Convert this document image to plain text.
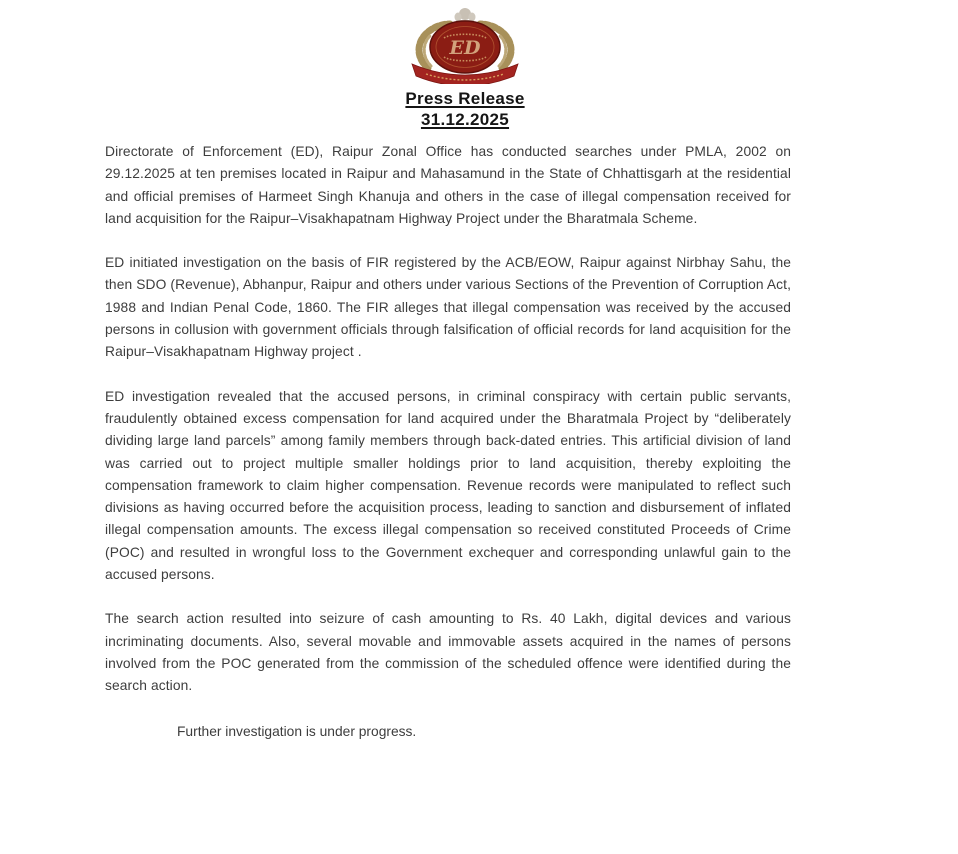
ED
Press Release
31.12.2025

Directorate of Enforcement (ED), Raipur Zonal Office has conducted searches under PMLA, 2002 on 29.12.2025 at ten premises located in Raipur and Mahasamund in the State of Chhattisgarh at the residential and official premises of Harmeet Singh Khanuja and others in the case of illegal compensation received for land acquisition for the Raipur–Visakhapatnam Highway Project under the Bharatmala Scheme.

ED initiated investigation on the basis of FIR registered by the ACB/EOW, Raipur against Nirbhay Sahu, the then SDO (Revenue), Abhanpur, Raipur and others under various Sections of the Prevention of Corruption Act, 1988 and Indian Penal Code, 1860. The FIR alleges that illegal compensation was received by the accused persons in collusion with government officials through falsification of official records for land acquisition for the Raipur–Visakhapatnam Highway project .

ED investigation revealed that the accused persons, in criminal conspiracy with certain public servants, fraudulently obtained excess compensation for land acquired under the Bharatmala Project by “deliberately dividing large land parcels” among family members through back-dated entries. This artificial division of land was carried out to project multiple smaller holdings prior to land acquisition, thereby exploiting the compensation framework to claim higher compensation. Revenue records were manipulated to reflect such divisions as having occurred before the acquisition process, leading to sanction and disbursement of inflated illegal compensation amounts. The excess illegal compensation so received constituted Proceeds of Crime (POC) and resulted in wrongful loss to the Government exchequer and corresponding unlawful gain to the accused persons.

The search action resulted into seizure of cash amounting to Rs. 40 Lakh, digital devices and various incriminating documents. Also, several movable and immovable assets acquired in the names of persons involved from the POC generated from the commission of the scheduled offence were identified during the search action.

Further investigation is under progress.
